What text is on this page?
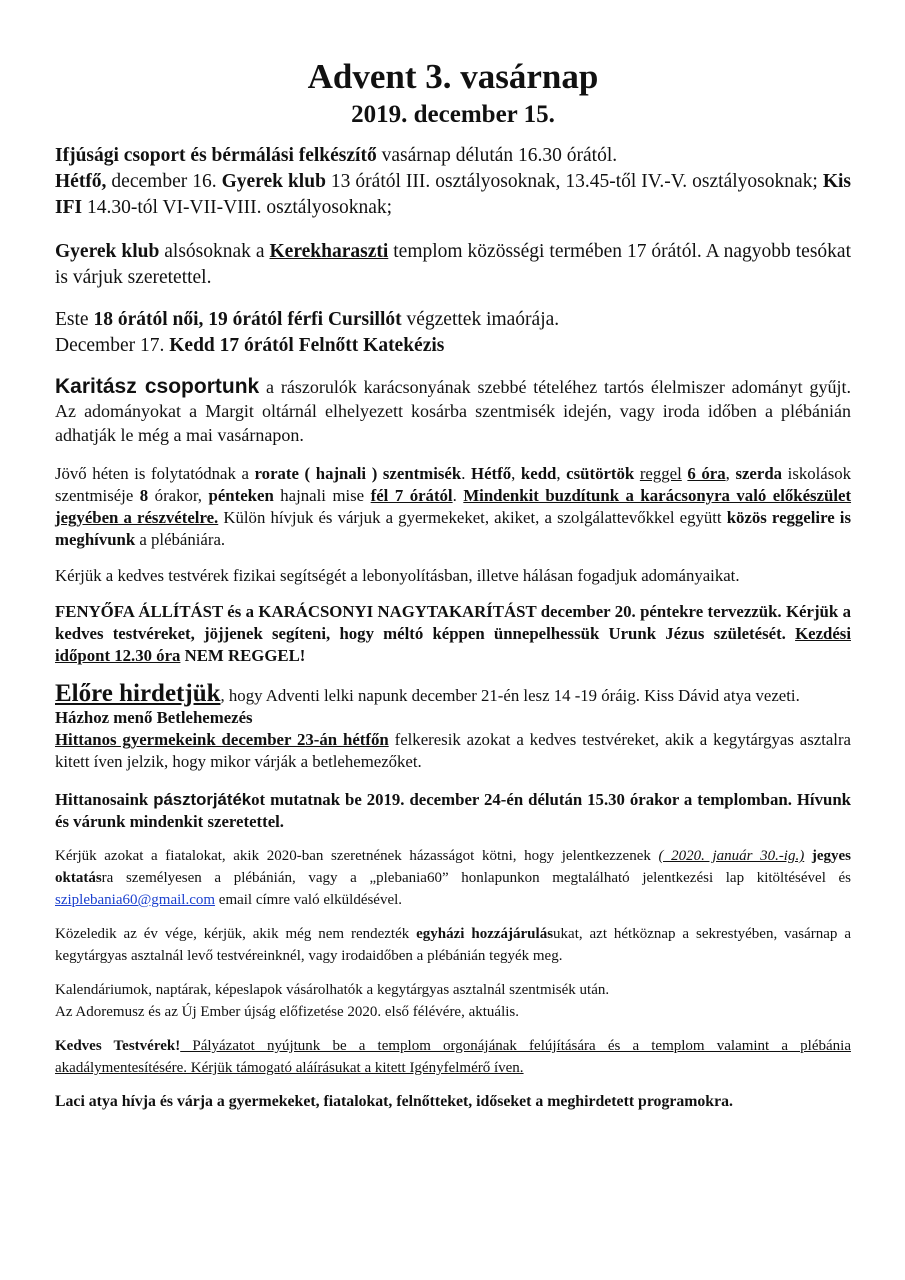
Advent 3. vasárnap
2019. december 15.

Ifjúsági csoport és bérmálási felkészítő vasárnap délután 16.30 órától.

Hétfő, december 16. Gyerek klub 13 órától III. osztályosoknak, 13.45-től IV.-V. osztályosoknak; Kis IFI 14.30-tól VI-VII-VIII. osztályosoknak;

Gyerek klub alsósoknak a Kerekharaszti templom közösségi termében 17 órától. A nagyobb tesókat is várjuk szeretettel.

Este 18 órától női, 19 órától férfi Cursillót végzettek imaórája.

December 17. Kedd 17 órától Felnőtt Katekézis

Karitász csoportunk a rászorulók karácsonyának szebbé tételéhez tartós élelmiszer adományt gyűjt. Az adományokat a Margit oltárnál elhelyezett kosárba szentmisék idején, vagy iroda időben a plébánián adhatják le még a mai vasárnapon.

Jövő héten is folytatódnak a rorate ( hajnali ) szentmisék. Hétfő, kedd, csütörtök reggel 6 óra, szerda iskolások szentmiséje 8 órakor, pénteken hajnali mise fél 7 órától. Mindenkit buzdítunk a karácsonyra való előkészület jegyében a részvételre. Külön hívjuk és várjuk a gyermekeket, akiket, a szolgálattevőkkel együtt közös reggelire is meghívunk a plébániára.

Kérjük a kedves testvérek fizikai segítségét a lebonyolításban, illetve hálásan fogadjuk adományaikat.

FENYŐFA ÁLLÍTÁST és a KARÁCSONYI NAGYTAKARÍTÁST december 20. péntekre tervezzük. Kérjük a kedves testvéreket, jöjjenek segíteni, hogy méltó képpen ünnepelhessük Urunk Jézus születését. Kezdési időpont 12.30 óra NEM REGGEL!

Előre hirdetjük, hogy Adventi lelki napunk december 21-én lesz 14 -19 óráig. Kiss Dávid atya vezeti.

Házhoz menő Betlehemezés

Hittanos gyermekeink december 23-án hétfőn felkeresik azokat a kedves testvéreket, akik a kegytárgyas asztalra kitett íven jelzik, hogy mikor várják a betlehemezőket.

Hittanosaink pásztorjátékot mutatnak be 2019. december 24-én délután 15.30 órakor a templomban. Hívunk és várunk mindenkit szeretettel.

Kérjük azokat a fiatalokat, akik 2020-ban szeretnének házasságot kötni, hogy jelentkezzenek ( 2020. január 30.-ig.) jegyes oktatásra személyesen a plébánián, vagy a „plebania60” honlapunkon megtalálható jelentkezési lap kitöltésével és sziplebania60@gmail.com email címre való elküldésével.

Közeledik az év vége, kérjük, akik még nem rendezték egyházi hozzájárulásukat, azt hétköznap a sekrestyében, vasárnap a kegytárgyas asztalnál levő testvéreinknél, vagy irodaidőben a plébánián tegyék meg.

Kalendáriumok, naptárak, képeslapok vásárolhatók a kegytárgyas asztalnál szentmisék után.

Az Adoremusz és az Új Ember újság előfizetése 2020. első félévére, aktuális.

Kedves Testvérek! Pályázatot nyújtunk be a templom orgonájának felújítására és a templom valamint a plébánia akadálymentesítésére. Kérjük támogató aláírásukat a kitett Igényfelmérő íven.

Laci atya hívja és várja a gyermekeket, fiatalokat, felnőtteket, időseket a meghirdetett programokra.
